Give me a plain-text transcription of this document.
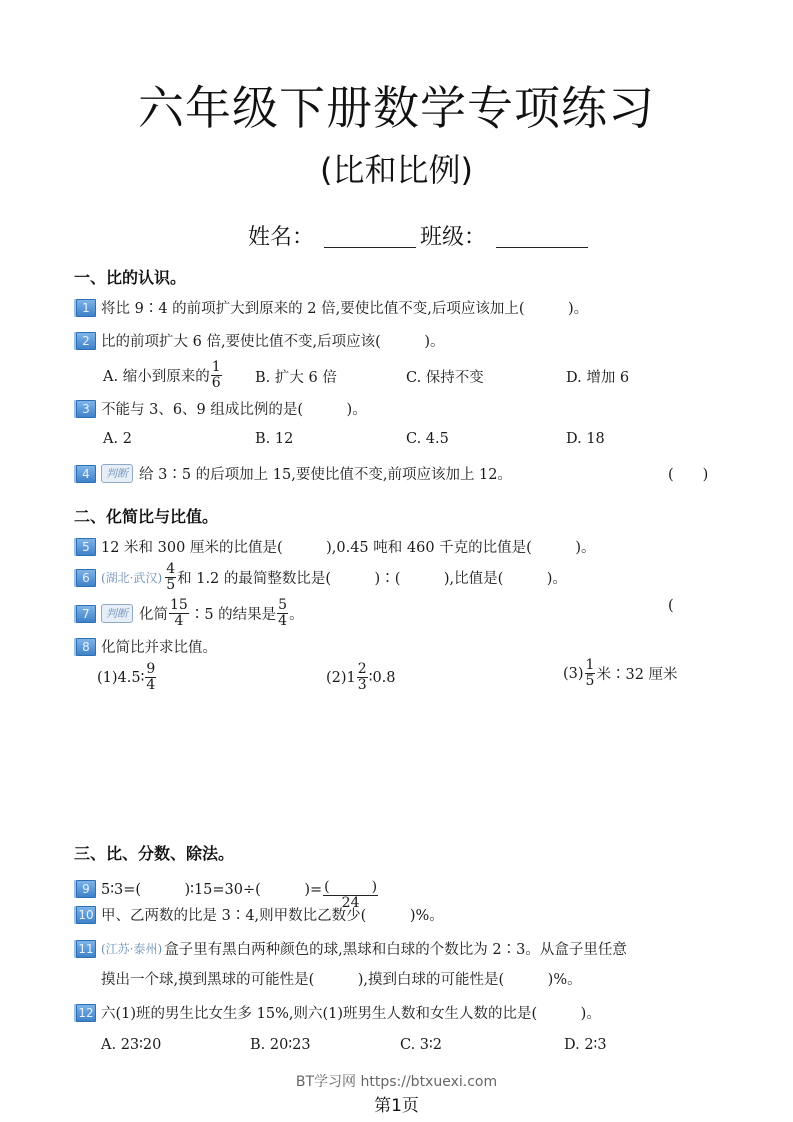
六年级下册数学专项练习
(比和比例)
姓名：	班级：
一、比的认识。
1 将比 9∶4 的前项扩大到原来的 2 倍,要使比值不变,后项应该加上(　　　)。
2 比的前项扩大 6 倍,要使比值不变,后项应该(　　　)。
A. 缩小到原来的 $\frac{1}{6} B$. 扩大 6 倍	C. 保持不变	D. 增加 6
3 不能与 3、6、9 组成比例的是(　　　)。
A. 2	B. 12	C. 4.5	D. 18
4	判断 给 3∶5 的后项加上 15,要使比值不变,前项应该加上 12。	(　　)
二、化简比与比值。
5 12 米和 300 厘米的比值是(　　　),0.45 吨和 460 千克的比值是(　　　)。
6 (湖北·武汉) $\frac{4}{5}$ 和 1.2 的最简整数比是(　　　)∶(　　　),比值是(　　　)。
7	判断 化简 $\frac{15}{4}$ ∶5 的结果是 $\frac{5}{4}$ 。
(
8 化简比并求比值。
(1)4.5∶ $\frac{9}{4}$	$(2)1 \frac{2}{3}$ ∶0.8	$(3) \frac{1}{5}$ 米∶32 厘米
三、比、分数、除法。
9 5∶3=(　　　)∶15=30÷(　　　)= $\frac{( )}{24}$
10 甲、乙两数的比是 3∶4,则甲数比乙数少(　　　)%。
11 (江苏·泰州) 盒子里有黑白两种颜色的球,黑球和白球的个数比为 2∶3。从盒子里任意
摸出一个球,摸到黑球的可能性是(　　　),摸到白球的可能性是(　　　)%。
12 六(1)班的男生比女生多 15%,则六(1)班男生人数和女生人数的比是(　　　)。
A. 23∶20	B. 20∶23	C. 3∶2	D. 2∶3
BT学习网 https://btxuexi.com
第1页
